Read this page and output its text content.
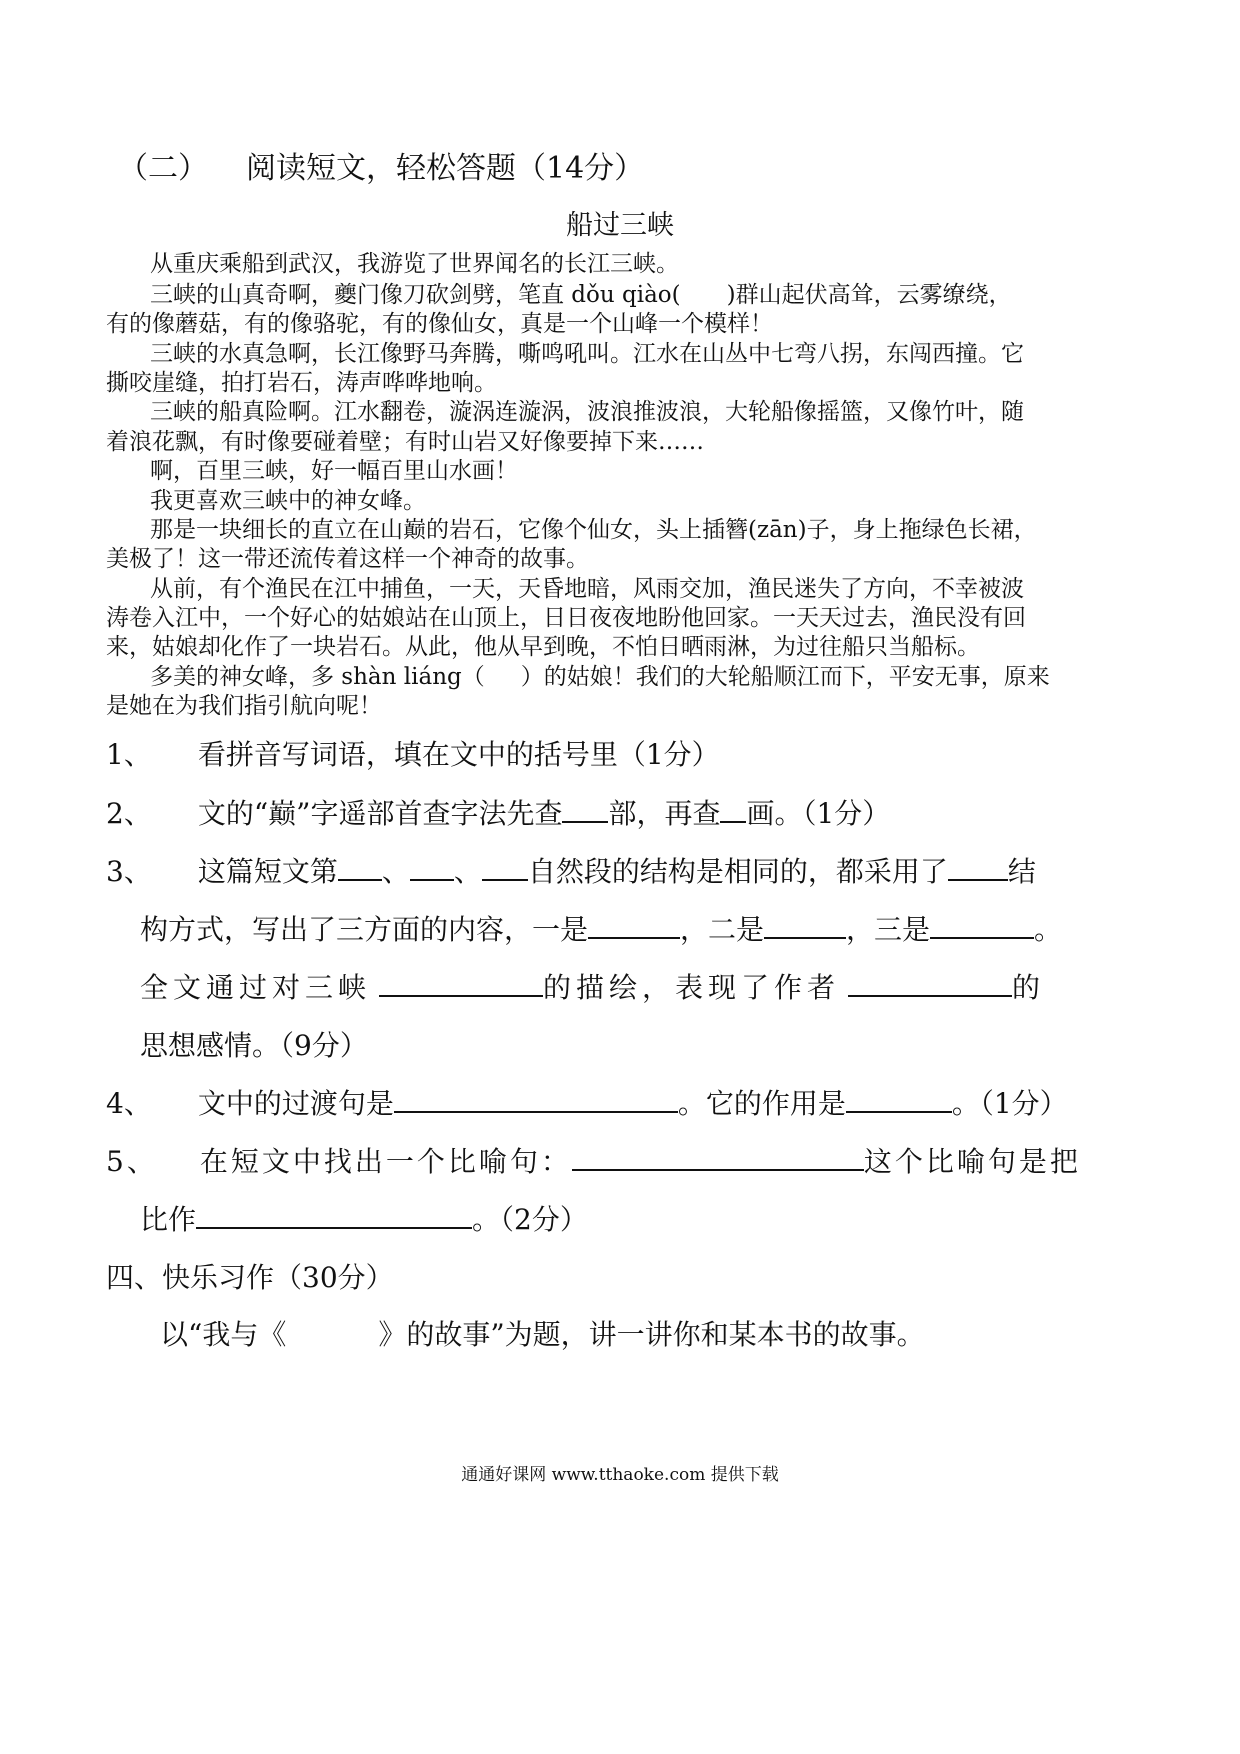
（二） 阅读短文，轻松答题（14分）
船过三峡
从重庆乘船到武汉，我游览了世界闻名的长江三峡。
三峡的山真奇啊，夔门像刀砍剑劈，笔直 dǒu qiào( )群山起伏高耸，云雾缭绕，
有的像蘑菇，有的像骆驼，有的像仙女，真是一个山峰一个模样！
三峡的水真急啊，长江像野马奔腾，嘶鸣吼叫。江水在山丛中七弯八拐，东闯西撞。它
撕咬崖缝，拍打岩石，涛声哗哗地响。
三峡的船真险啊。江水翻卷，漩涡连漩涡，波浪推波浪，大轮船像摇篮，又像竹叶，随
着浪花飘，有时像要碰着壁；有时山岩又好像要掉下来……
啊，百里三峡，好一幅百里山水画！
我更喜欢三峡中的神女峰。
那是一块细长的直立在山巅的岩石，它像个仙女，头上插簪(zān)子，身上拖绿色长裙，
美极了！这一带还流传着这样一个神奇的故事。
从前，有个渔民在江中捕鱼，一天，天昏地暗，风雨交加，渔民迷失了方向，不幸被波
涛卷入江中，一个好心的姑娘站在山顶上，日日夜夜地盼他回家。一天天过去，渔民没有回
来，姑娘却化作了一块岩石。从此，他从早到晚，不怕日晒雨淋，为过往船只当船标。
多美的神女峰，多 shàn liáng（ ）的姑娘！我们的大轮船顺江而下，平安无事，原来
是她在为我们指引航向呢！
1、 看拼音写词语，填在文中的括号里（1分）
2、 文的“巅”字遥部首查字法先查 部，再查 画。（1分）
3、 这篇短文第 、 、 自然段的结构是相同的，都采用了 结
构方式，写出了三方面的内容，一是	，二是	，三是	。
全文通过对三峡	的描绘，表现了作者	的
思想感情。（9分）
4、 文中的过渡句是	。它的作用是	。（1分）
5、 在短文中找出一个比喻句：	这个比喻句是把
比作	。（2分）
四、快乐习作（30分）
以“我与《	》的故事”为题，讲一讲你和某本书的故事。
通通好课网 www.tthaoke.com 提供下载
